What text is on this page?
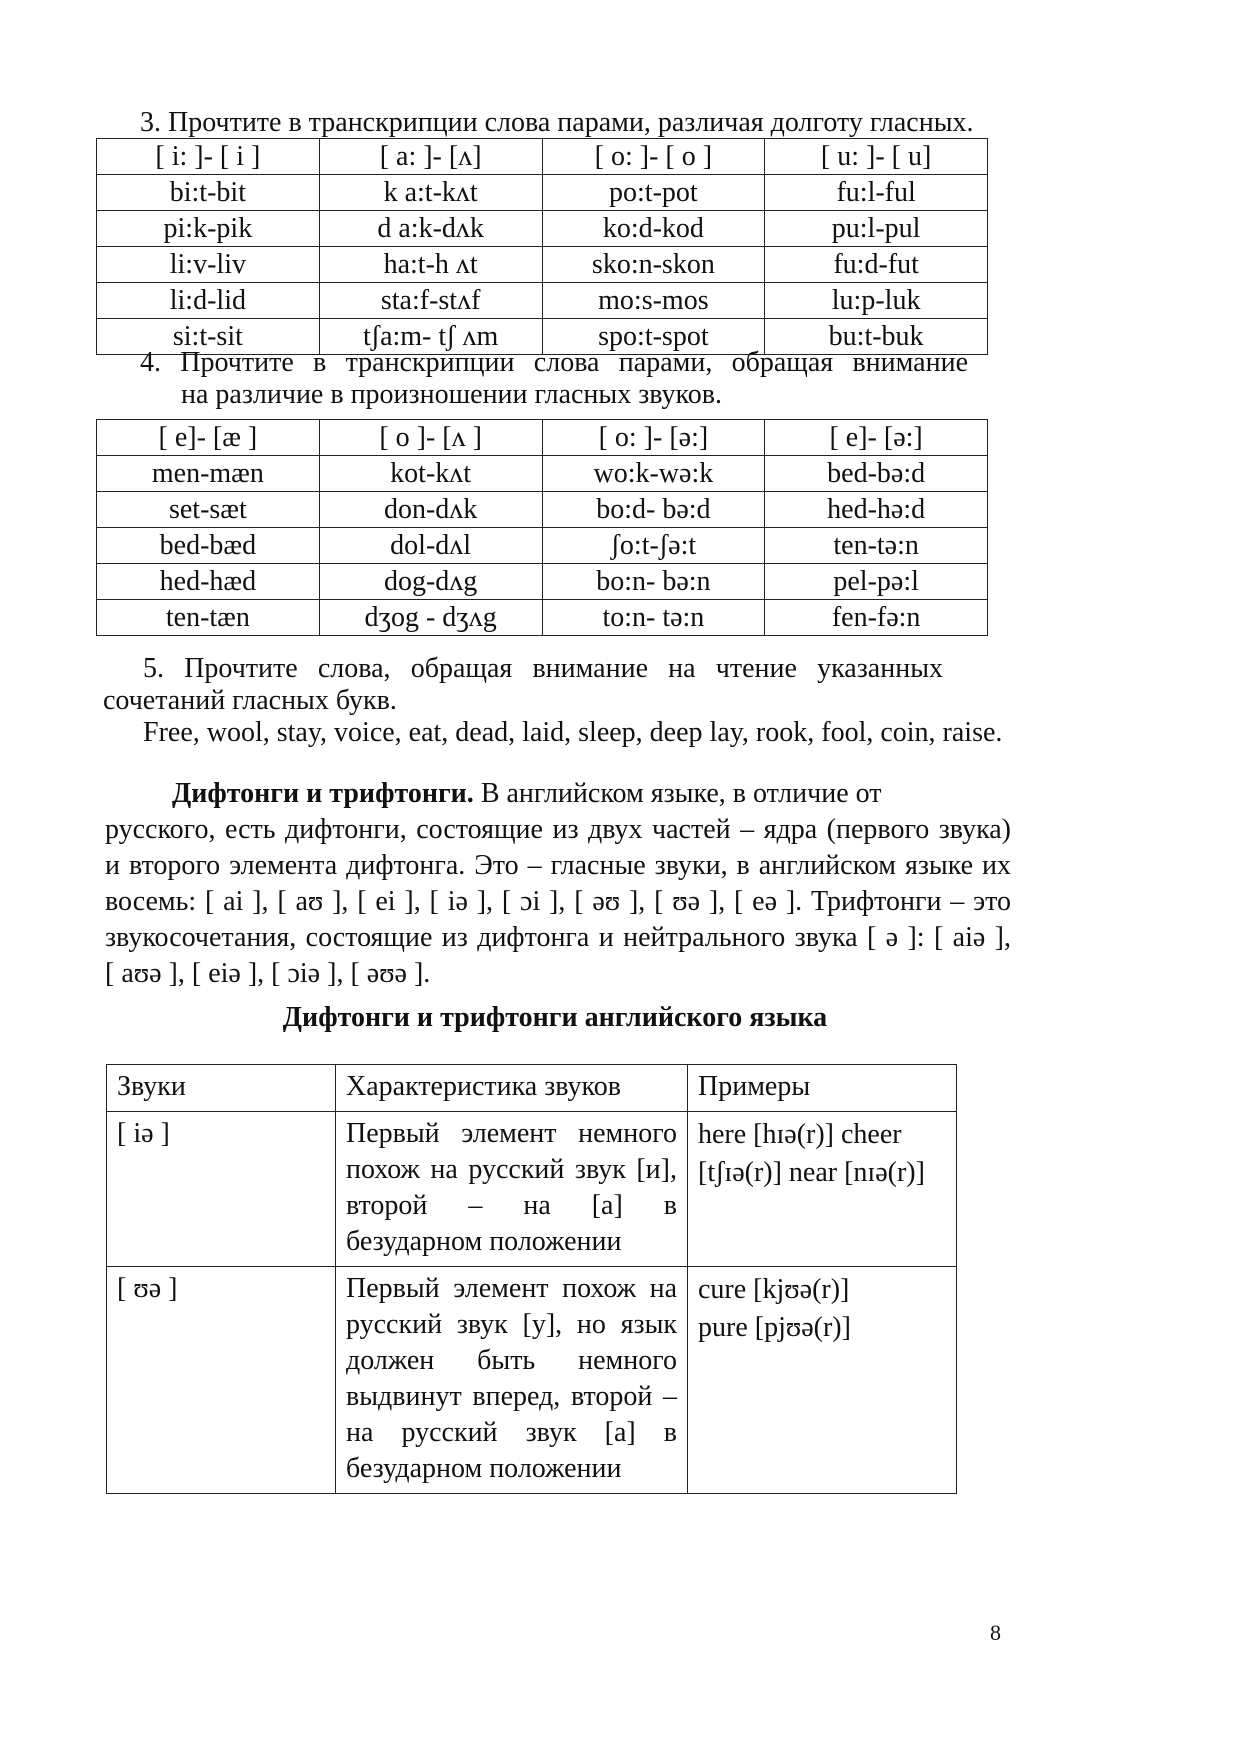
3. Прочтите в транскрипции слова парами, различая долготу гласных.
[ i: ]- [ i ]	[ a: ]- [ʌ]	[ o: ]- [ o ]	[ u: ]- [ u]
bi:t-bit	k a:t-kʌt	po:t-pot	fu:l-ful
pi:k-pik	d a:k-dʌk	ko:d-kod	pu:l-pul
li:v-liv	ha:t-h ʌt	sko:n-skon	fu:d-fut
li:d-lid	sta:f-stʌf	mo:s-mos	lu:p-luk
si:t-sit	tʃa:m- tʃ ʌm	spo:t-spot	bu:t-buk
4. Прочтите в транскрипции слова парами, обращая внимание
на различие в произношении гласных звуков.
[ e]- [æ ]	[ o ]- [ʌ ]	[ o: ]- [ə:]	[ e]- [ə:]
men-mæn	kot-kʌt	wo:k-wə:k	bed-bə:d
set-sæt	don-dʌk	bo:d- bə:d	hed-hə:d
bed-bæd	dol-dʌl	ʃo:t-ʃə:t	ten-tə:n
hed-hæd	dog-dʌg	bo:n- bə:n	pel-pə:l
ten-tæn	dʒog - dʒʌg	to:n- tə:n	fen-fə:n
5. Прочтите слова, обращая внимание на чтение указанных
сочетаний гласных букв.
Free, wool, stay, voice, eat, dead, laid, sleep, deep lay, rook, fool, coin, raise.

Дифтонги и трифтонги. В английском языке, в отличие от

русского, есть дифтонги, состоящие из двух частей – ядра (первого звука)

и второго элемента дифтонга. Это – гласные звуки, в английском языке их

восемь: [ ai ], [ aʊ ], [ ei ], [ iə ], [ ɔi ], [ əʊ ], [ ʊə ], [ eə ]. Трифтонги – это

звукосочетания, состоящие из дифтонга и нейтрального звука [ ə ]: [ aiə ],

[ aʊə ], [ eiə ], [ ɔiə ], [ əʊə ].

Дифтонги и трифтонги английского языка
Звуки	Характеристика звуков	Примеры
[ iə ]	Первый элемент немного похож на русский звук [и], второй – на [а] в безударном положении	here [hɪə(r)] cheer
[tʃɪə(r)] near [nɪə(r)]

[ ʊə ]	Первый элемент похож на русский звук [у], но язык должен быть немного выдвинут вперед, второй – на русский звук [а] в безударном положении	cure [kjʊə(r)]
pure [pjʊə(r)]
8
